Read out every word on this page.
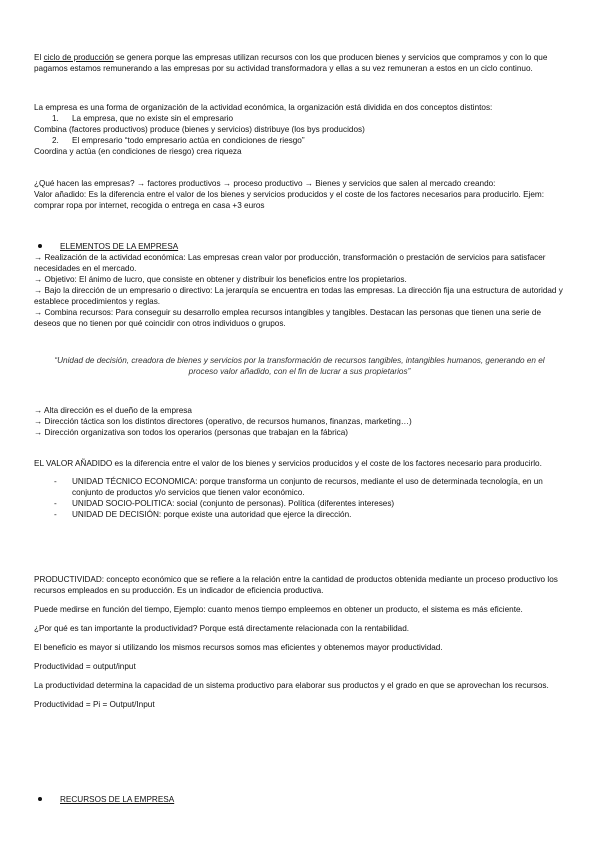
El ciclo de producción se genera porque las empresas utilizan recursos con los que producen bienes y servicios que compramos y con lo que pagamos estamos remunerando a las empresas por su actividad transformadora y ellas a su vez remuneran a estos en un ciclo continuo.

La empresa es una forma de organización de la actividad económica, la organización está dividida en dos conceptos distintos:

1. La empresa, que no existe sin el empresario

Combina (factores productivos) produce (bienes y servicios) distribuye (los bys producidos)

2. El empresario “todo empresario actúa en condiciones de riesgo”

Coordina y actúa (en condiciones de riesgo) crea riqueza

¿Qué hacen las empresas? → factores productivos → proceso productivo → Bienes y servicios que salen al mercado creando:

Valor añadido: Es la diferencia entre el valor de los bienes y servicios producidos y el coste de los factores necesarios para producirlo. Ejem: comprar ropa por internet, recogida o entrega en casa +3 euros

ELEMENTOS DE LA EMPRESA

→ Realización de la actividad económica: Las empresas crean valor por producción, transformación o prestación de servicios para satisfacer necesidades en el mercado.

→ Objetivo: El ánimo de lucro, que consiste en obtener y distribuir los beneficios entre los propietarios.

→ Bajo la dirección de un empresario o directivo: La jerarquía se encuentra en todas las empresas. La dirección fija una estructura de autoridad y establece procedimientos y reglas.

→ Combina recursos: Para conseguir su desarrollo emplea recursos intangibles y tangibles. Destacan las personas que tienen una serie de deseos que no tienen por qué coincidir con otros individuos o grupos.

“Unidad de decisión, creadora de bienes y servicios por la transformación de recursos tangibles, intangibles humanos, generando en el proceso valor añadido, con el fin de lucrar a sus propietarios”

→ Alta dirección es el dueño de la empresa

→ Dirección táctica son los distintos directores (operativo, de recursos humanos, finanzas, marketing…)

→ Dirección organizativa son todos los operarios (personas que trabajan en la fábrica)

EL VALOR AÑADIDO es la diferencia entre el valor de los bienes y servicios producidos y el coste de los factores necesario para producirlo.

- UNIDAD TÉCNICO ECONOMICA: porque transforma un conjunto de recursos, mediante el uso de determinada tecnología, en un conjunto de productos y/o servicios que tienen valor económico.

- UNIDAD SOCIO-POLITICA: social (conjunto de personas). Política (diferentes intereses)

- UNIDAD DE DECISIÓN: porque existe una autoridad que ejerce la dirección.

PRODUCTIVIDAD: concepto económico que se refiere a la relación entre la cantidad de productos obtenida mediante un proceso productivo los recursos empleados en su producción. Es un indicador de eficiencia productiva.

Puede medirse en función del tiempo, Ejemplo: cuanto menos tiempo empleemos en obtener un producto, el sistema es más eficiente.

¿Por qué es tan importante la productividad? Porque está directamente relacionada con la rentabilidad.

El beneficio es mayor si utilizando los mismos recursos somos mas eficientes y obtenemos mayor productividad.

Productividad = output/input

La productividad determina la capacidad de un sistema productivo para elaborar sus productos y el grado en que se aprovechan los recursos.

Productividad = Pi = Output/Input

RECURSOS DE LA EMPRESA
